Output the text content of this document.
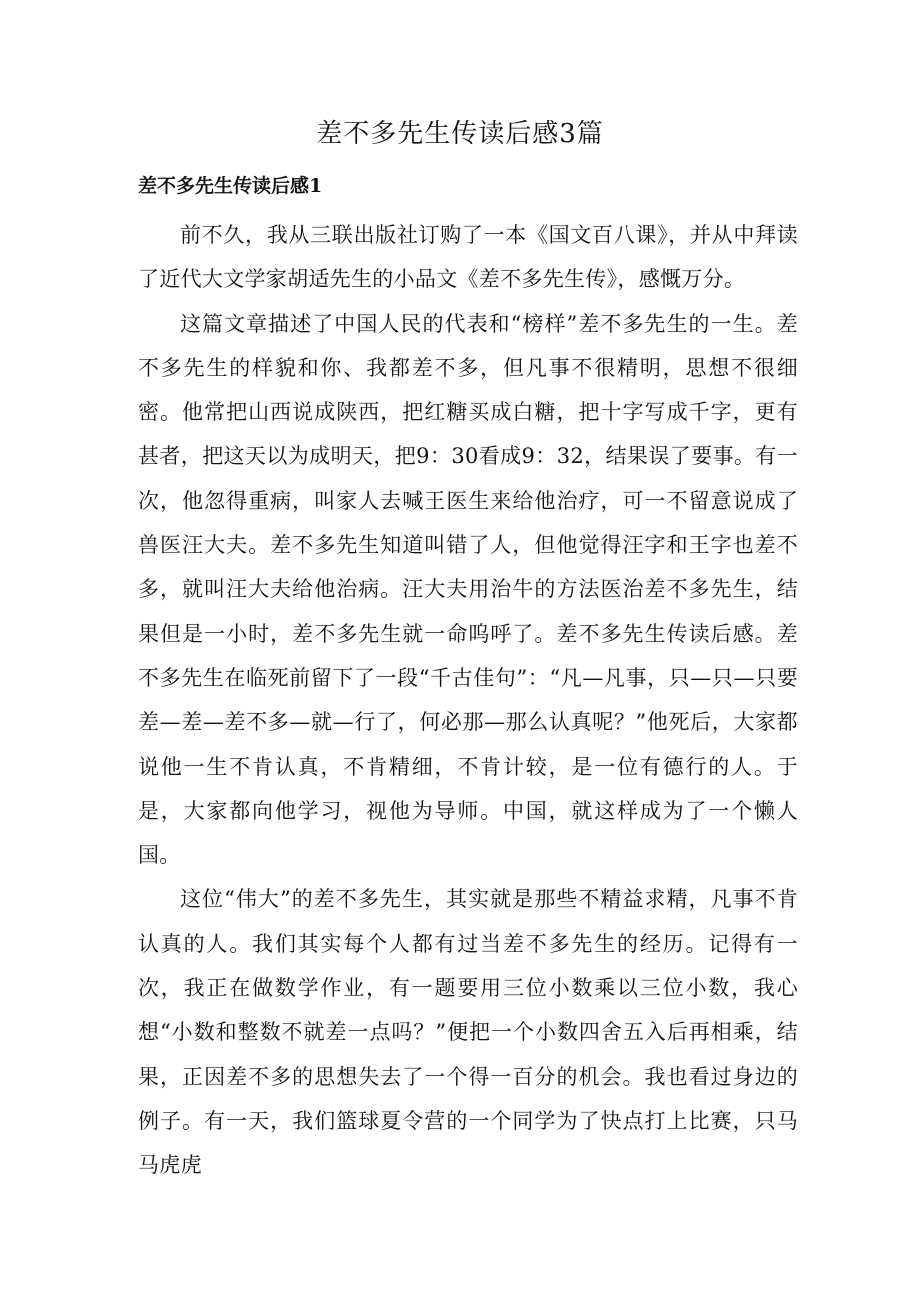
差不多先生传读后感3篇
差不多先生传读后感1

前不久，我从三联出版社订购了一本《国文百八课》，并从中拜读了近代大文学家胡适先生的小品文《差不多先生传》，感慨万分。

这篇文章描述了中国人民的代表和“榜样”差不多先生的一生。差不多先生的样貌和你、我都差不多，但凡事不很精明，思想不很细密。他常把山西说成陕西，把红糖买成白糖，把十字写成千字，更有甚者，把这天以为成明天，把9：30看成9：32，结果误了要事。有一次，他忽得重病，叫家人去喊王医生来给他治疗，可一不留意说成了兽医汪大夫。差不多先生知道叫错了人，但他觉得汪字和王字也差不多，就叫汪大夫给他治病。汪大夫用治牛的方法医治差不多先生，结果但是一小时，差不多先生就一命呜呼了。差不多先生传读后感。差不多先生在临死前留下了一段“千古佳句”：“凡—凡事，只—只—只要差—差—差不多—就—行了，何必那—那么认真呢？”他死后，大家都说他一生不肯认真，不肯精细，不肯计较，是一位有德行的人。于是，大家都向他学习，视他为导师。中国，就这样成为了一个懒人国。

这位“伟大”的差不多先生，其实就是那些不精益求精，凡事不肯认真的人。我们其实每个人都有过当差不多先生的经历。记得有一次，我正在做数学作业，有一题要用三位小数乘以三位小数，我心想“小数和整数不就差一点吗？”便把一个小数四舍五入后再相乘，结果，正因差不多的思想失去了一个得一百分的机会。我也看过身边的例子。有一天，我们篮球夏令营的一个同学为了快点打上比赛，只马马虎虎
